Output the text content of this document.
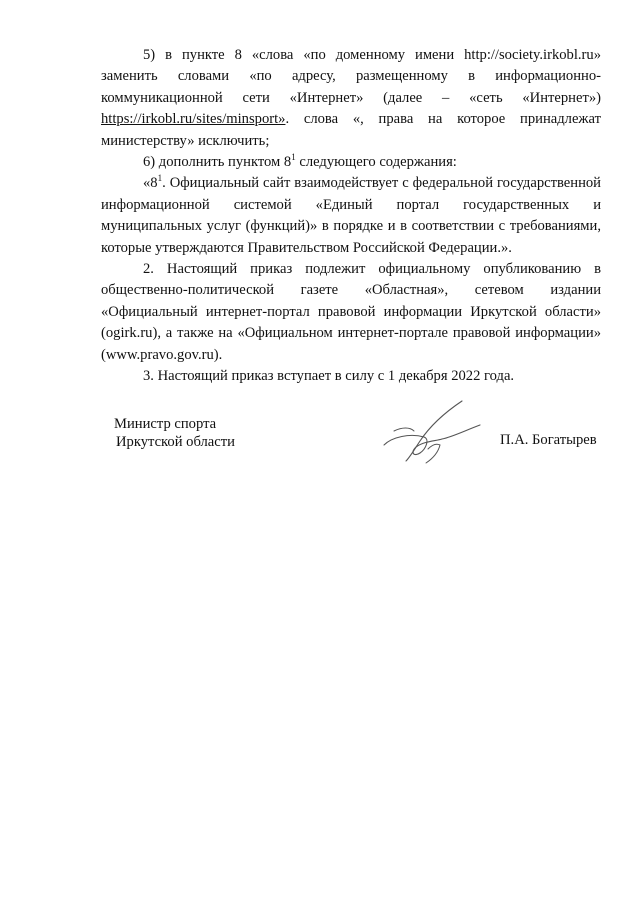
5) в пункте 8 «слова «по доменному имени http://society.irkobl.ru» заменить словами «по адресу, размещенному в информационно-коммуникационной сети «Интернет» (далее – «сеть «Интернет») https://irkobl.ru/sites/minsport». слова «, права на которое принадлежат министерству» исключить;

6) дополнить пунктом $8^1$ следующего содержания:

«$8^1$. Официальный сайт взаимодействует с федеральной государственной информационной системой «Единый портал государственных и муниципальных услуг (функций)» в порядке и в соответствии с требованиями, которые утверждаются Правительством Российской Федерации.».

2. Настоящий приказ подлежит официальному опубликованию в общественно-политической газете «Областная», сетевом издании «Официальный интернет-портал правовой информации Иркутской области» (ogirk.ru), а также на «Официальном интернет-портале правовой информации» (www.pravo.gov.ru).

3. Настоящий приказ вступает в силу с 1 декабря 2022 года.

Министр спорта
Иркутской области	П.А. Богатырев
